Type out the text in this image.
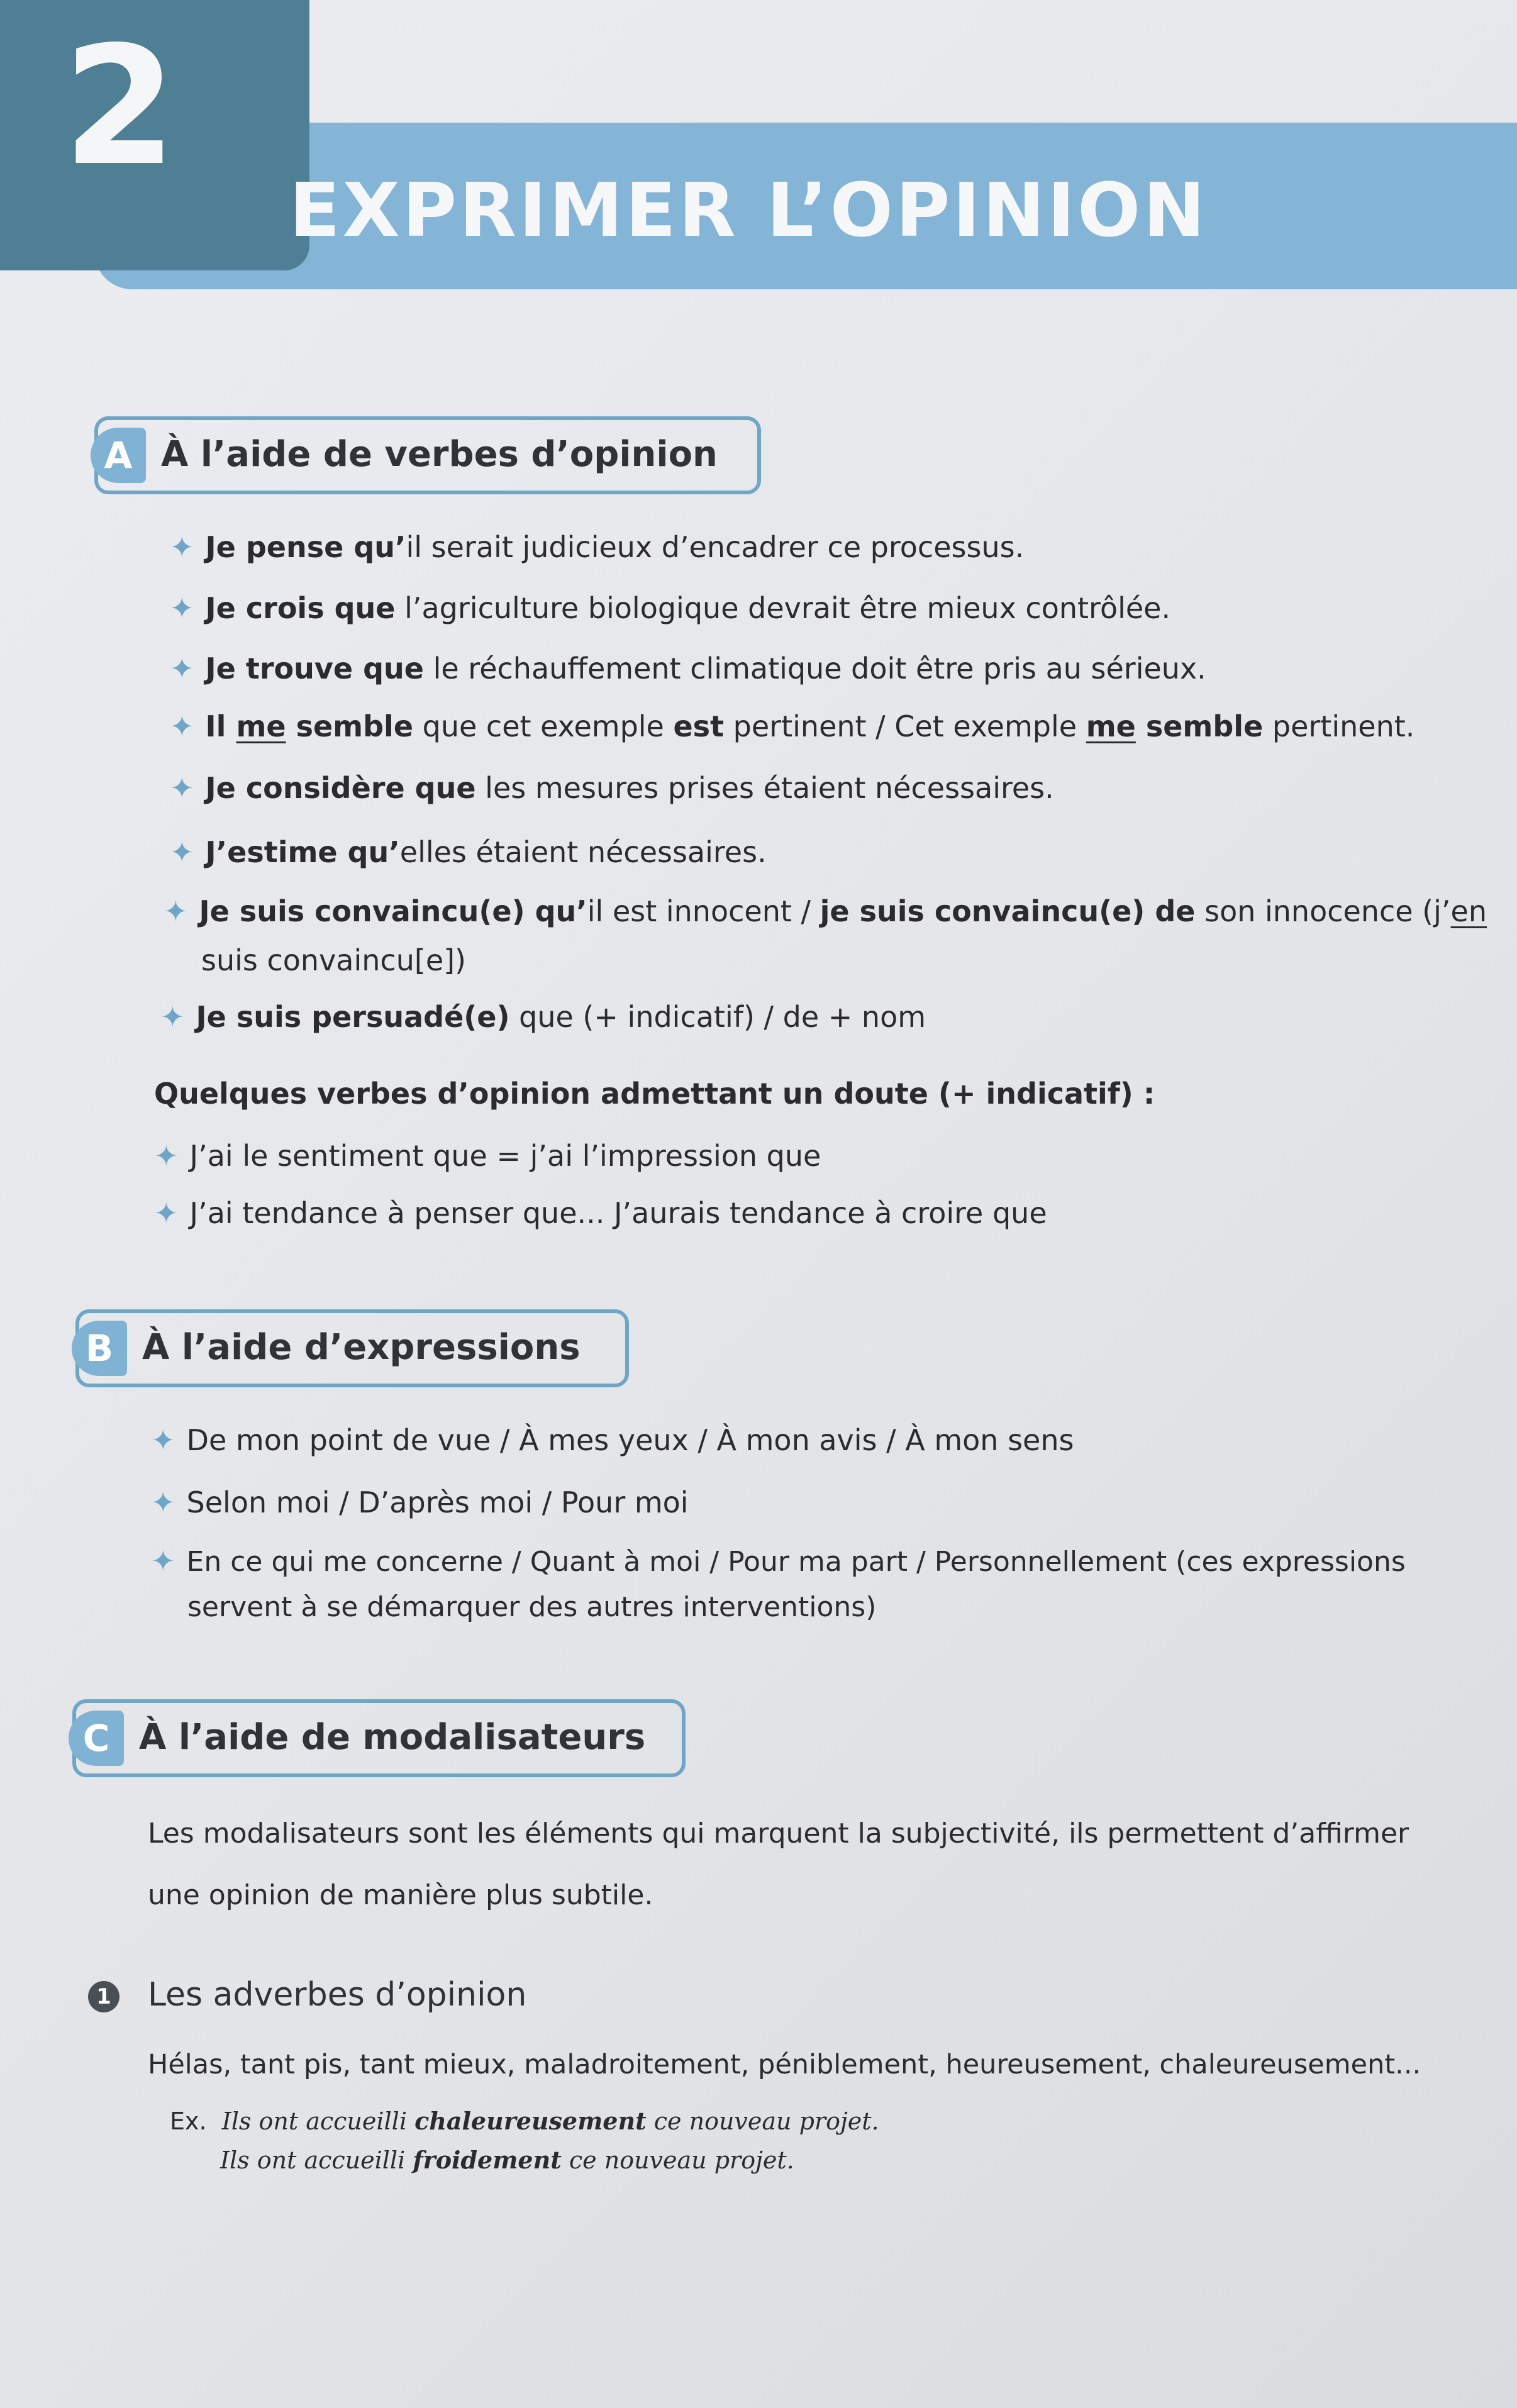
2
EXPRIMER L’OPINION
A À l’aide de verbes d’opinion
✦ Je pense qu’il serait judicieux d’encadrer ce processus.
✦ Je crois que l’agriculture biologique devrait être mieux contrôlée.
✦ Je trouve que le réchauffement climatique doit être pris au sérieux.
✦ Il me semble que cet exemple est pertinent / Cet exemple me semble pertinent.
✦ Je considère que les mesures prises étaient nécessaires.
✦ J’estime qu’elles étaient nécessaires.
✦ Je suis convaincu(e) qu’il est innocent / je suis convaincu(e) de son innocence (j’en
suis convaincu[e])
✦ Je suis persuadé(e) que (+ indicatif) / de + nom
Quelques verbes d’opinion admettant un doute (+ indicatif) :
✦ J’ai le sentiment que = j’ai l’impression que
✦ J’ai tendance à penser que... J’aurais tendance à croire que
B À l’aide d’expressions
✦ De mon point de vue / À mes yeux / À mon avis / À mon sens
✦ Selon moi / D’après moi / Pour moi
✦ En ce qui me concerne / Quant à moi / Pour ma part / Personnellement (ces expressions
servent à se démarquer des autres interventions)
C À l’aide de modalisateurs
Les modalisateurs sont les éléments qui marquent la subjectivité, ils permettent d’affirmer
une opinion de manière plus subtile.
1 Les adverbes d’opinion
Hélas, tant pis, tant mieux, maladroitement, péniblement, heureusement, chaleureusement...
Ex. Ils ont accueilli chaleureusement ce nouveau projet.
Ils ont accueilli froidement ce nouveau projet.
